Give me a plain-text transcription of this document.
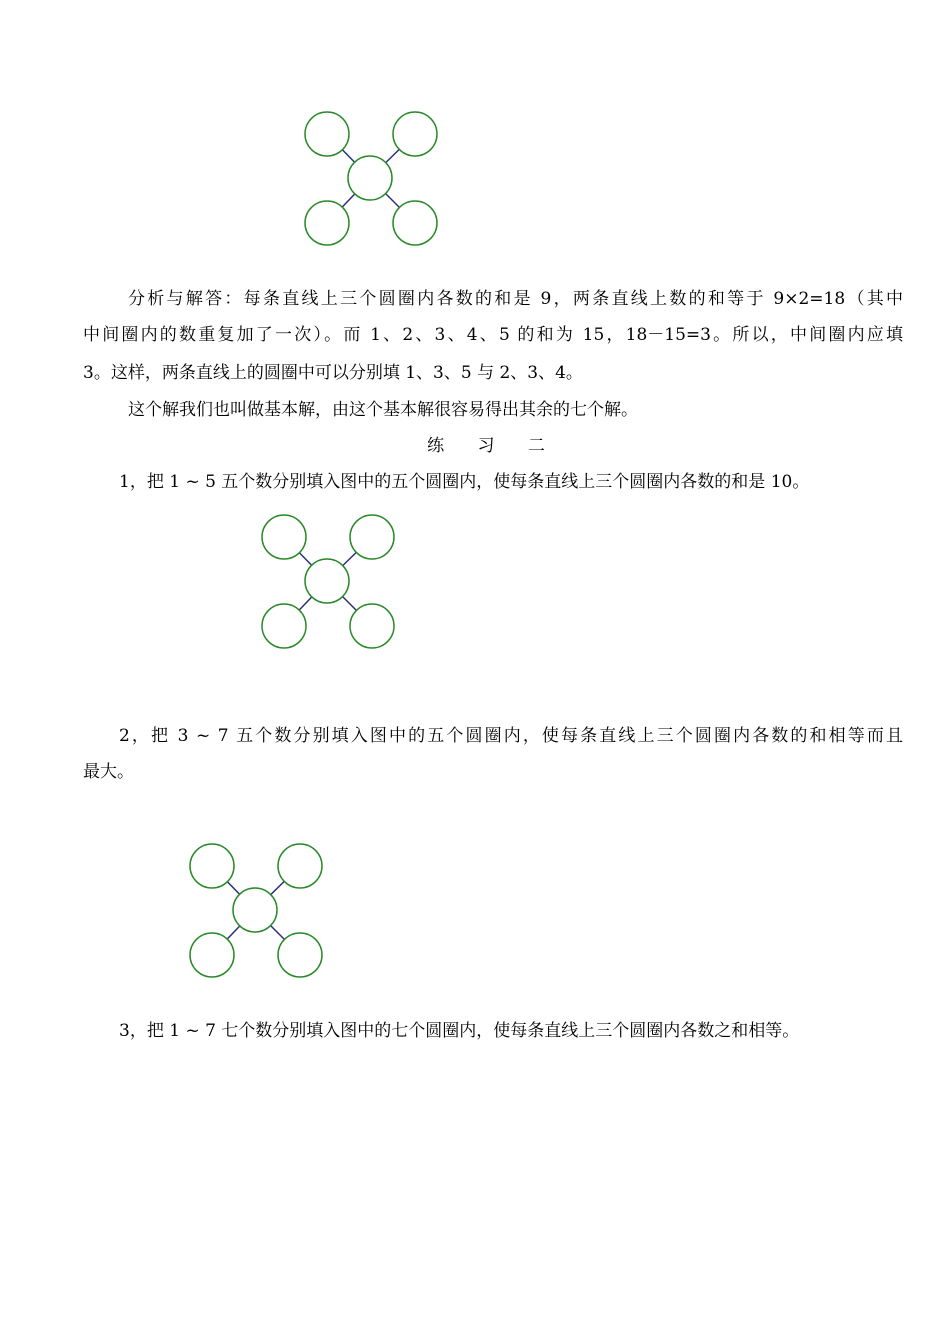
分析与解答：每条直线上三个圆圈内各数的和是 9，两条直线上数的和等于 9×2=18（其中
中间圈内的数重复加了一次）。而 1、2、3、4、5 的和为 15，18－15=3。所以，中间圈内应填
3。这样，两条直线上的圆圈中可以分别填 1、3、5 与 2、3、4。
这个解我们也叫做基本解，由这个基本解很容易得出其余的七个解。
练 习 二
1，把 1 ~ 5 五个数分别填入图中的五个圆圈内，使每条直线上三个圆圈内各数的和是 10。
2，把 3 ~ 7 五个数分别填入图中的五个圆圈内，使每条直线上三个圆圈内各数的和相等而且
最大。
3，把 1 ~ 7 七个数分别填入图中的七个圆圈内，使每条直线上三个圆圈内各数之和相等。
